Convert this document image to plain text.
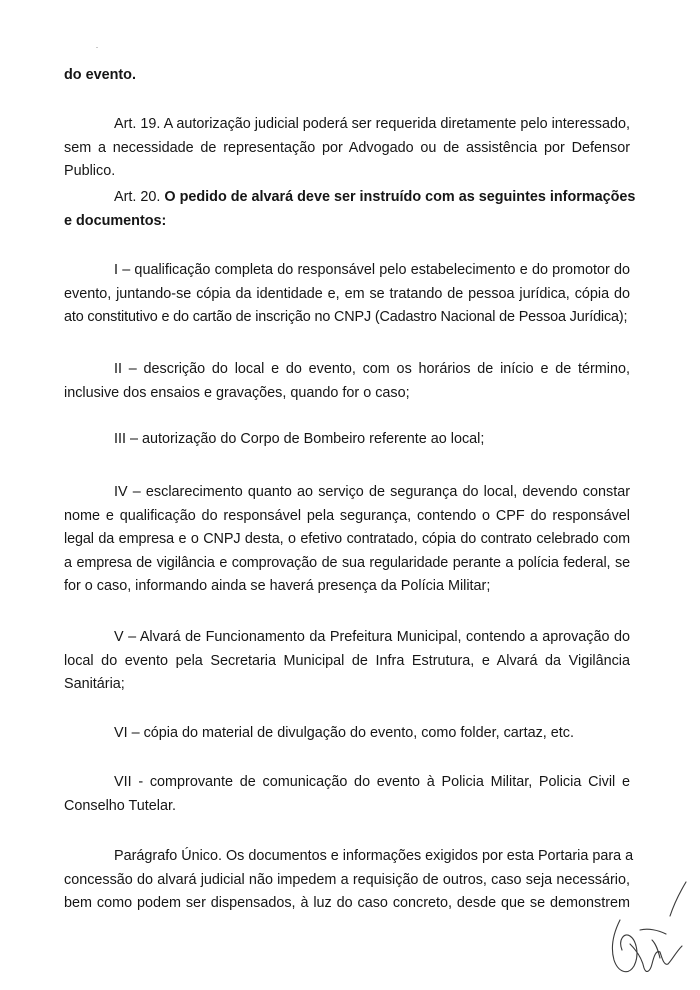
do evento.

Art. 19. A autorização judicial poderá ser requerida diretamente pelo interessado,
sem a necessidade de representação por Advogado ou de assistência por Defensor
Publico.

Art. 20. O pedido de alvará deve ser instruído com as seguintes informações
e documentos:

I – qualificação completa do responsável pelo estabelecimento e do promotor do
evento, juntando-se cópia da identidade e, em se tratando de pessoa jurídica, cópia do
ato constitutivo e do cartão de inscrição no CNPJ (Cadastro Nacional de Pessoa Jurídica);

II – descrição do local e do evento, com os horários de início e de término,
inclusive dos ensaios e gravações, quando for o caso;

III – autorização do Corpo de Bombeiro referente ao local;

IV – esclarecimento quanto ao serviço de segurança do local, devendo constar
nome e qualificação do responsável pela segurança, contendo o CPF do responsável
legal da empresa e o CNPJ desta, o efetivo contratado, cópia do contrato celebrado com
a empresa de vigilância e comprovação de sua regularidade perante a polícia federal, se
for o caso, informando ainda se haverá presença da Polícia Militar;

V – Alvará de Funcionamento da Prefeitura Municipal, contendo a aprovação do
local do evento pela Secretaria Municipal de Infra Estrutura, e Alvará da Vigilância
Sanitária;

VI – cópia do material de divulgação do evento, como folder, cartaz, etc.

VII - comprovante de comunicação do evento à Policia Militar, Policia Civil e
Conselho Tutelar.

Parágrafo Único. Os documentos e informações exigidos por esta Portaria para a
concessão do alvará judicial não impedem a requisição de outros, caso seja necessário,
bem como podem ser dispensados, à luz do caso concreto, desde que se demonstrem
